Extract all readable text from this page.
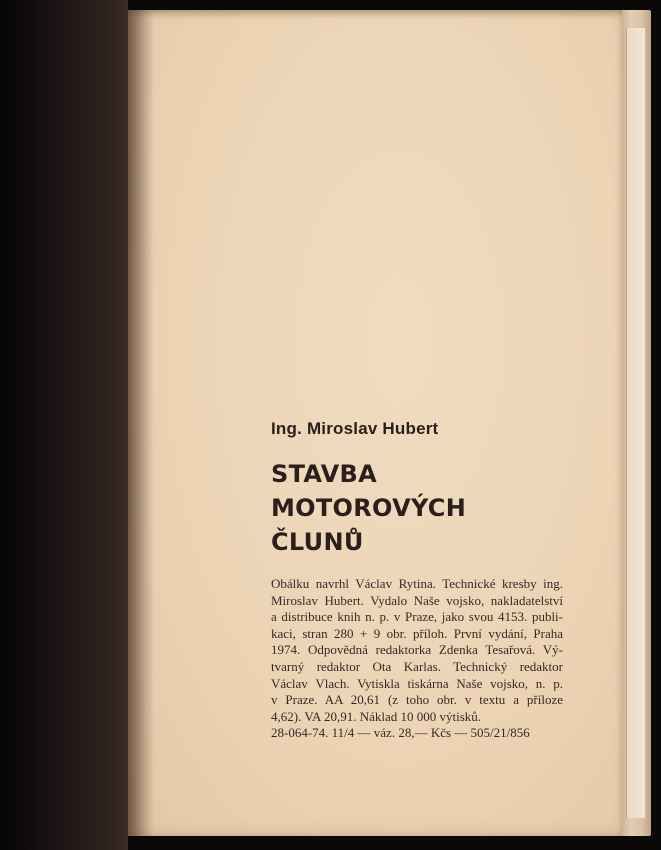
Ing. Miroslav Hubert
STAVBA
MOTOROVÝCH
ČLUNŮ
Obálku navrhl Václav Rytina. Technické kresby ing.
Miroslav Hubert. Vydalo Naše vojsko, nakladatelství
a distribuce knih n. p. v Praze, jako svou 4153. publi-
kaci, stran 280 + 9 obr. příloh. První vydání, Praha
1974. Odpovědná redaktorka Zdenka Tesařová. Vý-
tvarný redaktor Ota Karlas. Technický redaktor
Václav Vlach. Vytiskla tiskárna Naše vojsko, n. p.
v Praze. AA 20,61 (z toho obr. v textu a příloze
4,62). VA 20,91. Náklad 10 000 výtisků.
28-064-74. 11/4 — váz. 28,— Kčs — 505/21/856
